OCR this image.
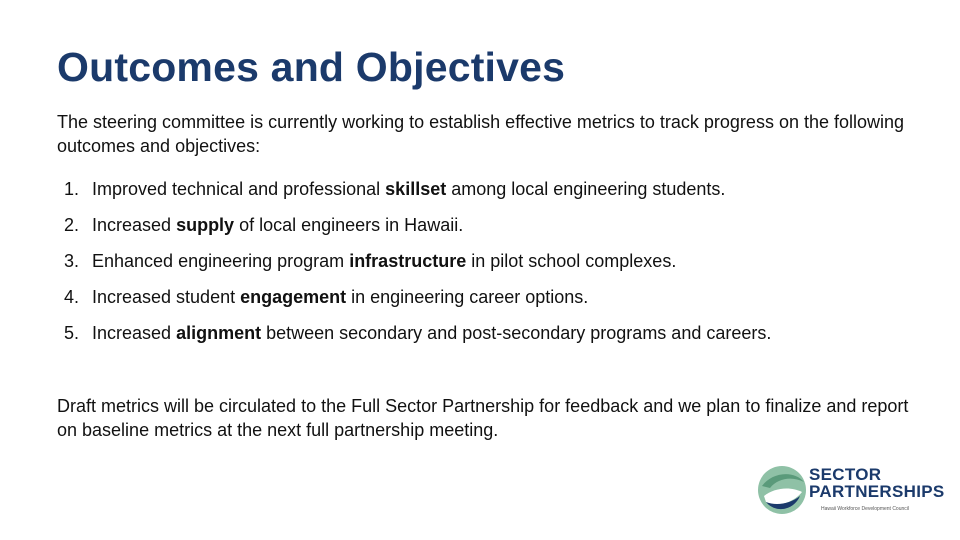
Outcomes and Objectives

The steering committee is currently working to establish effective metrics to track progress on the following outcomes and objectives:

1. Improved technical and professional skillset among local engineering students.
2. Increased supply of local engineers in Hawaii.
3. Enhanced engineering program infrastructure in pilot school complexes.
4. Increased student engagement in engineering career options.
5. Increased alignment between secondary and post-secondary programs and careers.

Draft metrics will be circulated to the Full Sector Partnership for feedback and we plan to finalize and report on baseline metrics at the next full partnership meeting.

SECTOR
PARTNERSHIPS
Hawaii Workforce Development Council
